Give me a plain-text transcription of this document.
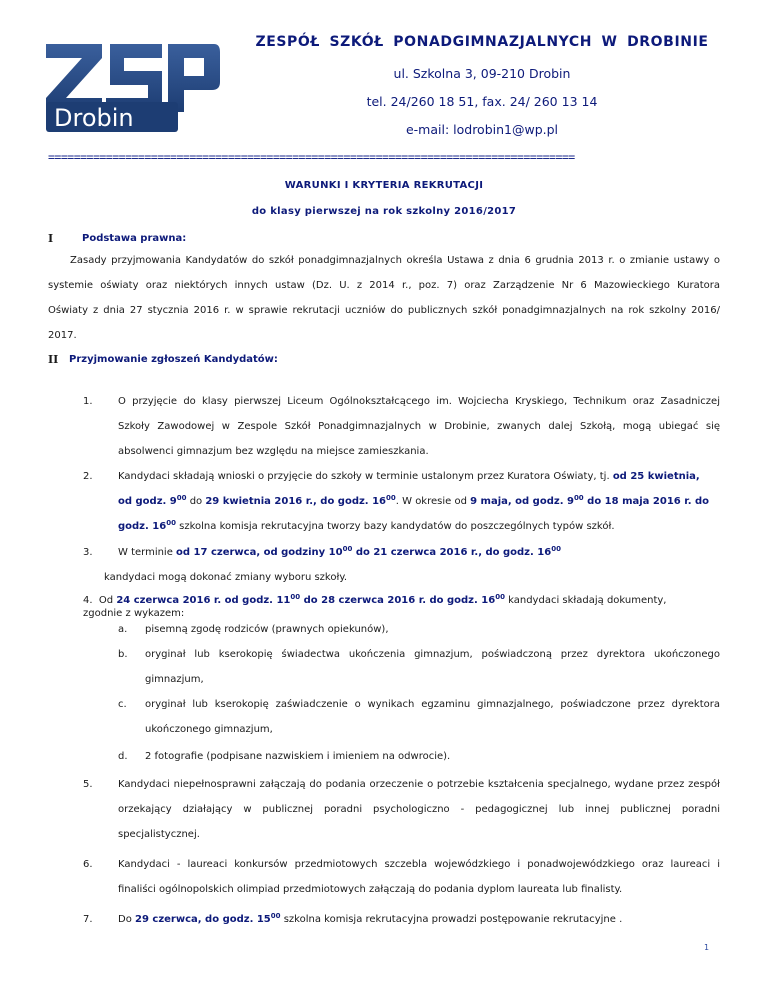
Drobin
ZESPÓŁ SZKÓŁ PONADGIMNAZJALNYCH W DROBINIE
ul. Szkolna 3, 09-210 Drobin
tel. 24/260 18 51, fax. 24/ 260 13 14
e-mail: lodrobin1@wp.pl
==================================================================================
WARUNKI I KRYTERIA REKRUTACJI
do klasy pierwszej na rok szkolny 2016/2017
I	Podstawa prawna:
Zasady przyjmowania Kandydatów do szkół ponadgimnazjalnych określa Ustawa z dnia 6 grudnia 2013 r. o zmianie ustawy o
systemie oświaty oraz niektórych innych ustaw (Dz. U. z 2014 r., poz. 7) oraz Zarządzenie Nr 6 Mazowieckiego Kuratora
Oświaty z dnia 27 stycznia 2016 r. w sprawie rekrutacji uczniów do publicznych szkół ponadgimnazjalnych na rok szkolny 2016/
2017.
II Przyjmowanie zgłoszeń Kandydatów:
1.	O przyjęcie do klasy pierwszej Liceum Ogólnokształcącego im. Wojciecha Kryskiego, Technikum oraz Zasadniczej
Szkoły Zawodowej w Zespole Szkół Ponadgimnazjalnych w Drobinie, zwanych dalej Szkołą, mogą ubiegać się
absolwenci gimnazjum bez względu na miejsce zamieszkania.
2.	Kandydaci składają wnioski o przyjęcie do szkoły w terminie ustalonym przez Kuratora Oświaty, tj. od 25 kwietnia,
od godz. $9^{00}$ do 29 kwietnia 2016 r., do godz. $16^{00}$. W okresie od 9 maja, od godz. $9^{00}$ do 18 maja 2016 r. do
godz. $16^{00}$ szkolna komisja rekrutacyjna tworzy bazy kandydatów do poszczególnych typów szkół.
3.	W terminie od 17 czerwca, od godziny $10^{00}$ do 21 czerwca 2016 r., do godz. $16^{00}$
kandydaci mogą dokonać zmiany wyboru szkoły.
4. Od 24 czerwca 2016 r. od godz. $11^{00}$ do 28 czerwca 2016 r. do godz. $16^{00}$ kandydaci składają dokumenty,
zgodnie z wykazem:
a. pisemną zgodę rodziców (prawnych opiekunów),
b. oryginał lub kserokopię świadectwa ukończenia gimnazjum, poświadczoną przez dyrektora ukończonego
gimnazjum,
c. oryginał lub kserokopię zaświadczenie o wynikach egzaminu gimnazjalnego, poświadczone przez dyrektora
ukończonego gimnazjum,
d. 2 fotografie (podpisane nazwiskiem i imieniem na odwrocie).
5.	Kandydaci niepełnosprawni załączają do podania orzeczenie o potrzebie kształcenia specjalnego, wydane przez zespół
orzekający działający w publicznej poradni psychologiczno - pedagogicznej lub innej publicznej poradni
specjalistycznej.
6.	Kandydaci - laureaci konkursów przedmiotowych szczebla wojewódzkiego i ponadwojewódzkiego oraz laureaci i
finaliści ogólnopolskich olimpiad przedmiotowych załączają do podania dyplom laureata lub finalisty.
7.	Do 29 czerwca, do godz. $15^{00}$ szkolna komisja rekrutacyjna prowadzi postępowanie rekrutacyjne .
1
